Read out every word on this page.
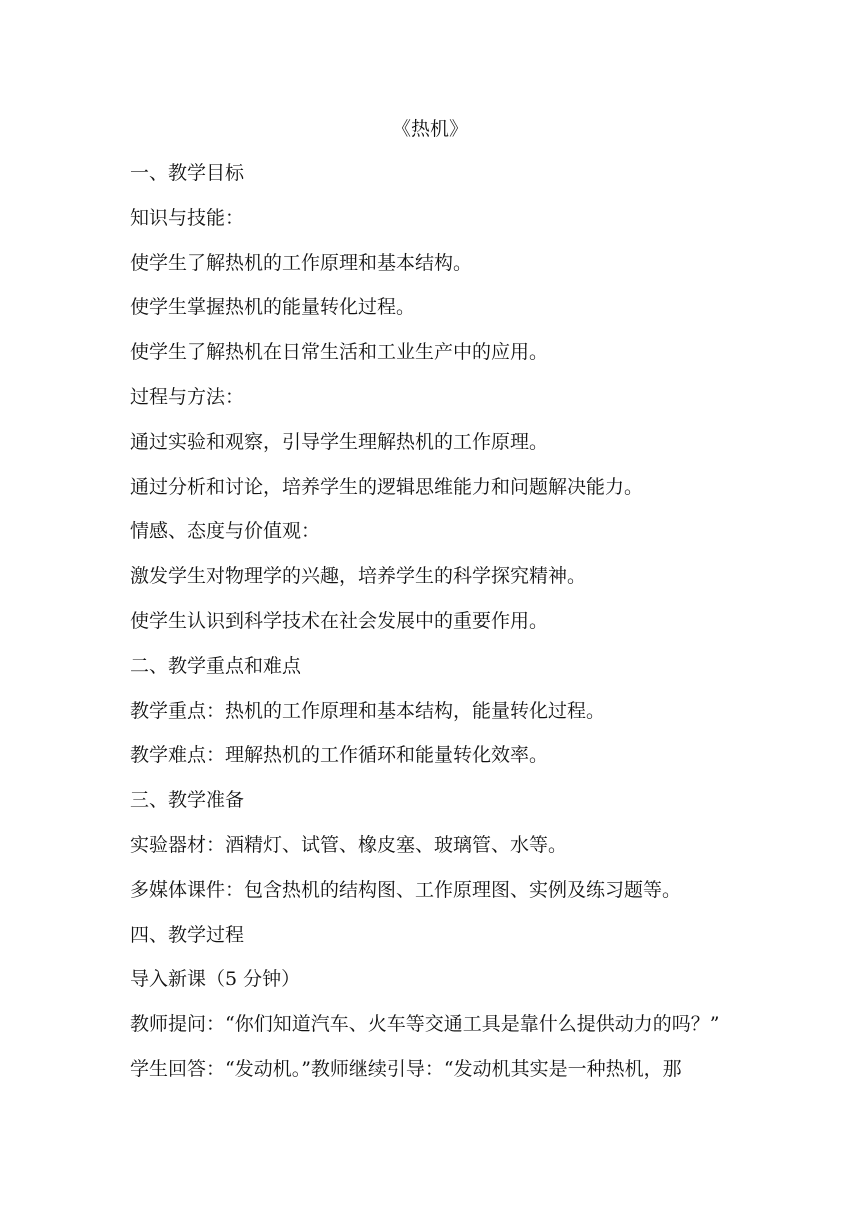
《热机》
一、教学目标
知识与技能：
使学生了解热机的工作原理和基本结构。
使学生掌握热机的能量转化过程。
使学生了解热机在日常生活和工业生产中的应用。
过程与方法：
通过实验和观察，引导学生理解热机的工作原理。
通过分析和讨论，培养学生的逻辑思维能力和问题解决能力。
情感、态度与价值观：
激发学生对物理学的兴趣，培养学生的科学探究精神。
使学生认识到科学技术在社会发展中的重要作用。
二、教学重点和难点
教学重点：热机的工作原理和基本结构，能量转化过程。
教学难点：理解热机的工作循环和能量转化效率。
三、教学准备
实验器材：酒精灯、试管、橡皮塞、玻璃管、水等。
多媒体课件：包含热机的结构图、工作原理图、实例及练习题等。
四、教学过程
导入新课（5 分钟）
教师提问：“你们知道汽车、火车等交通工具是靠什么提供动力的吗？”
学生回答：“发动机。”教师继续引导：“发动机其实是一种热机，那
